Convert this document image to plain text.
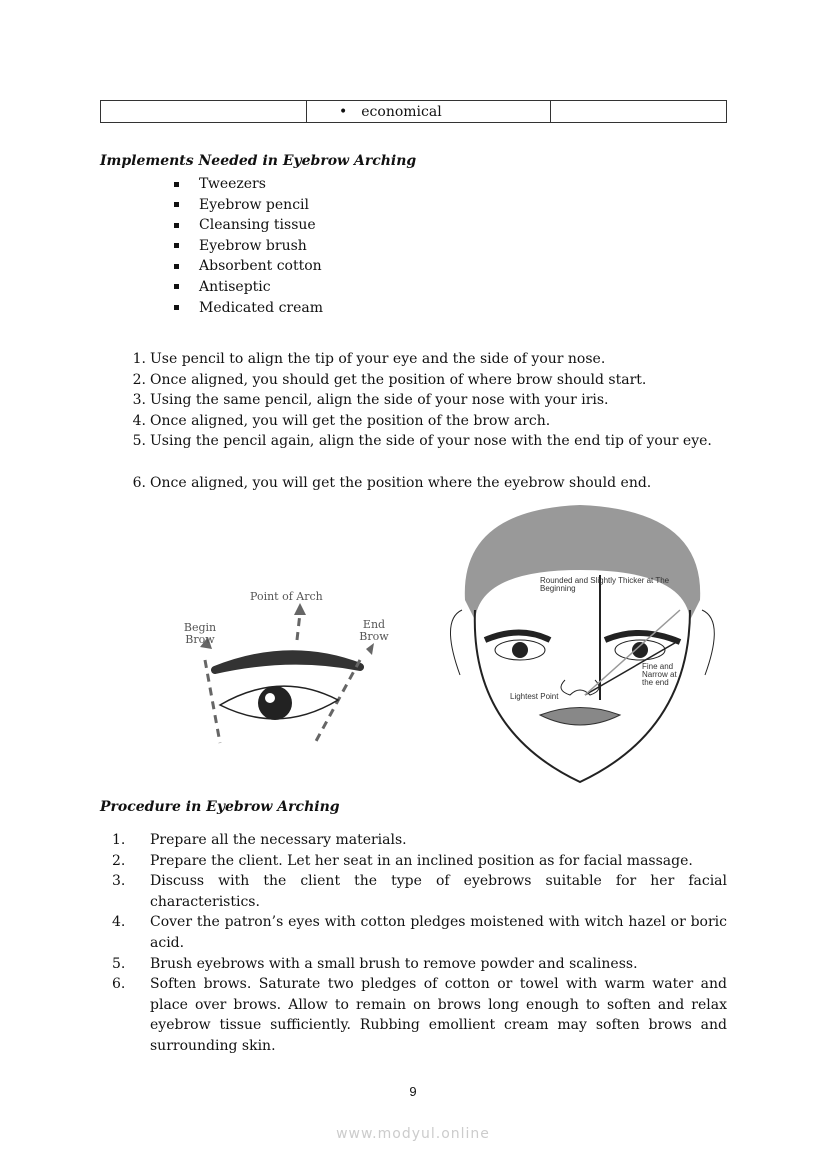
	• economical	
Implements Needed in Eyebrow Arching
Tweezers
Eyebrow pencil
Cleansing tissue
Eyebrow brush
Absorbent cotton
Antiseptic
Medicated cream
1. Use pencil to align the tip of your eye and the side of your nose.
2. Once aligned, you should get the position of where brow should start.
3. Using the same pencil, align the side of your nose with your iris.
4. Once aligned, you will get the position of the brow arch.
5. Using the pencil again, align the side of your nose with the end tip of your eye.
6. Once aligned, you will get the position where the eyebrow should end.
Point of Arch
Begin Brow
End Brow
Rounded and Slightly Thicker at The Beginning
Fine and Narrow at the end
Lightest Point
Procedure in Eyebrow Arching
1.	Prepare all the necessary materials.
2.	Prepare the client. Let her seat in an inclined position as for facial massage.
3.	Discuss with the client the type of eyebrows suitable for her facial characteristics.
4.	Cover the patron’s eyes with cotton pledges moistened with witch hazel or boric acid.
5.	Brush eyebrows with a small brush to remove powder and scaliness.
6.	Soften brows. Saturate two pledges of cotton or towel with warm water and place over brows. Allow to remain on brows long enough to soften and relax eyebrow tissue sufficiently. Rubbing emollient cream may soften brows and surrounding skin.
9
www.modyul.online
